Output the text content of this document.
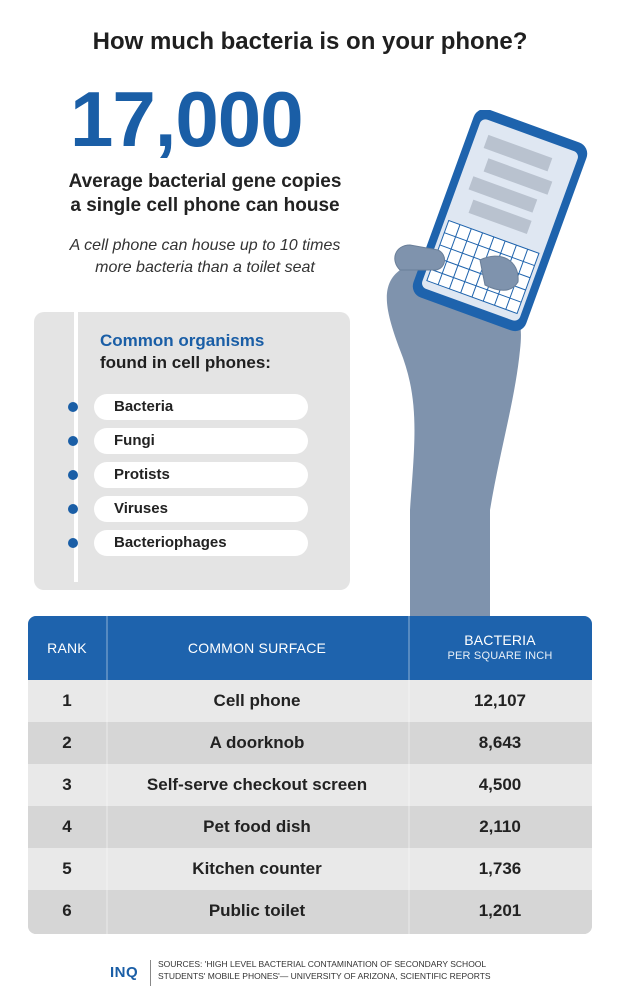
How much bacteria is on your phone?
17,000
Average bacterial gene copies
a single cell phone can house
A cell phone can house up to 10 times
more bacteria than a toilet seat
Common organisms
found in cell phones:
Bacteria
Fungi
Protists
Viruses
Bacteriophages
RANK	COMMON SURFACE	BACTERIA
PER SQUARE INCH
1	Cell phone	12,107
2	A doorknob	8,643
3	Self-serve checkout screen	4,500
4	Pet food dish	2,110
5	Kitchen counter	1,736
6	Public toilet	1,201
INQ SOURCES: 'HIGH LEVEL BACTERIAL CONTAMINATION OF SECONDARY SCHOOL
STUDENTS' MOBILE PHONES'— UNIVERSITY OF ARIZONA, SCIENTIFIC REPORTS
